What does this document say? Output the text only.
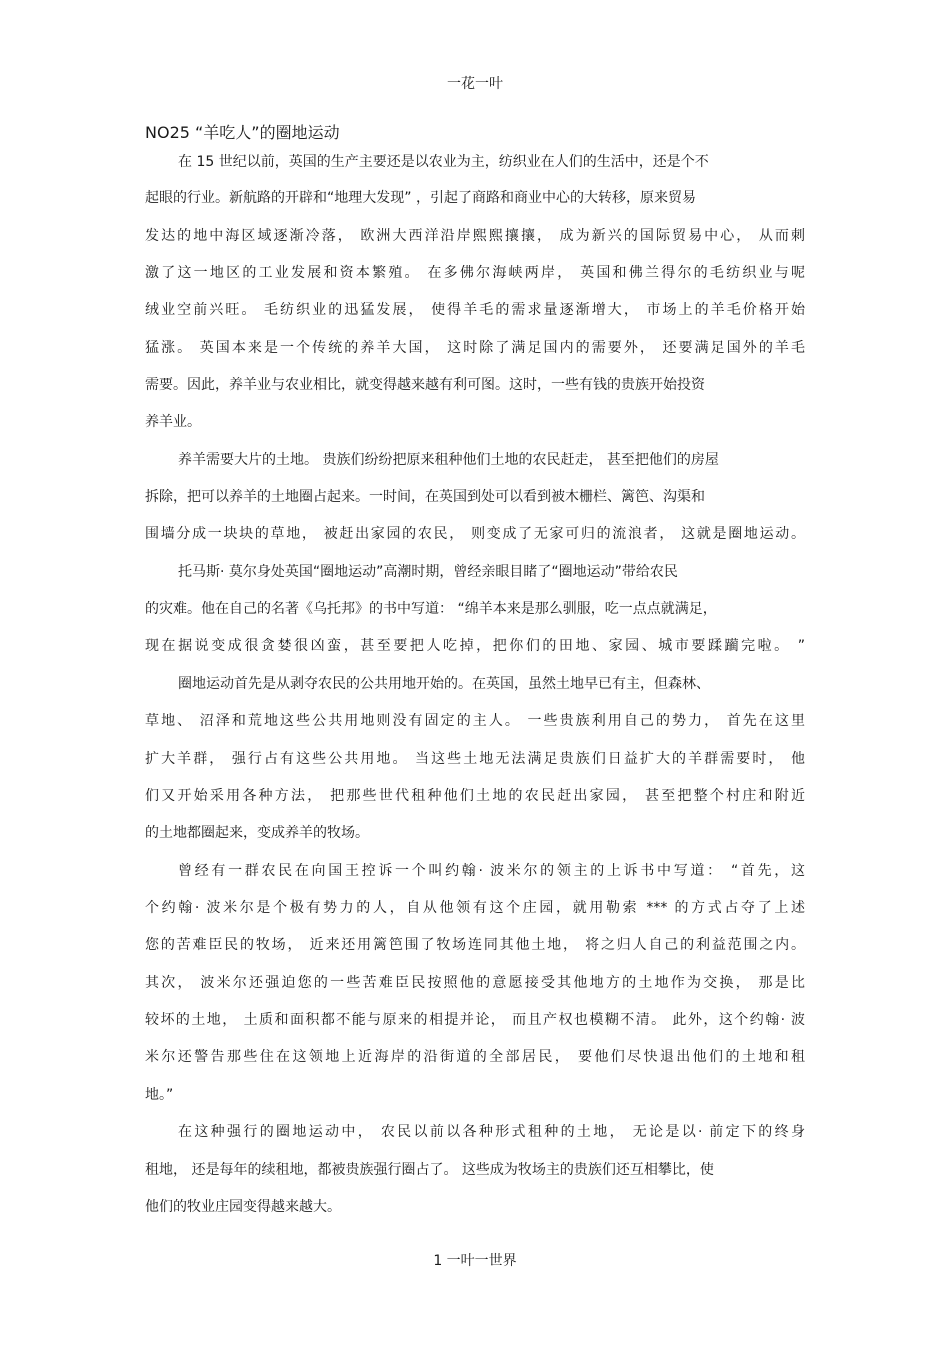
一花一叶
NO25 “羊吃人”的圈地运动
在 15 世纪以前，英国的生产主要还是以农业为主，纺织业在人们的生活中，还是个不
起眼的行业。新航路的开辟和“地理大发现” ，引起了商路和商业中心的大转移，原来贸易
发达的地中海区域逐渐冷落， 欧洲大西洋沿岸熙熙攘攘， 成为新兴的国际贸易中心， 从而刺
激了这一地区的工业发展和资本繁殖。 在多佛尔海峡两岸， 英国和佛兰得尔的毛纺织业与呢
绒业空前兴旺。 毛纺织业的迅猛发展， 使得羊毛的需求量逐渐增大， 市场上的羊毛价格开始
猛涨。 英国本来是一个传统的养羊大国， 这时除了满足国内的需要外， 还要满足国外的羊毛
需要。因此，养羊业与农业相比，就变得越来越有利可图。这时，一些有钱的贵族开始投资
养羊业。
养羊需要大片的土地。 贵族们纷纷把原来租种他们土地的农民赶走， 甚至把他们的房屋
拆除，把可以养羊的土地圈占起来。一时间，在英国到处可以看到被木栅栏、篱笆、沟渠和
围墙分成一块块的草地， 被赶出家园的农民， 则变成了无家可归的流浪者， 这就是圈地运动。
托马斯· 莫尔身处英国“圈地运动”高潮时期，曾经亲眼目睹了“圈地运动”带给农民
的灾难。他在自己的名著《乌托邦》的书中写道： “绵羊本来是那么驯服，吃一点点就满足，
现在据说变成很贪婪很凶蛮，甚至要把人吃掉，把你们的田地、家园、城市要蹂躏完啦。 ”
圈地运动首先是从剥夺农民的公共用地开始的。在英国，虽然土地早已有主，但森林、
草地、 沼泽和荒地这些公共用地则没有固定的主人。 一些贵族利用自己的势力， 首先在这里
扩大羊群， 强行占有这些公共用地。 当这些土地无法满足贵族们日益扩大的羊群需要时， 他
们又开始采用各种方法， 把那些世代租种他们土地的农民赶出家园， 甚至把整个村庄和附近
的土地都圈起来，变成养羊的牧场。
曾经有一群农民在向国王控诉一个叫约翰· 波米尔的领主的上诉书中写道： “首先，这
个约翰· 波米尔是个极有势力的人，自从他领有这个庄园，就用勒索 *** 的方式占夺了上述
您的苦难臣民的牧场， 近来还用篱笆围了牧场连同其他土地， 将之归人自己的利益范围之内。
其次， 波米尔还强迫您的一些苦难臣民按照他的意愿接受其他地方的土地作为交换， 那是比
较坏的土地， 土质和面积都不能与原来的相提并论， 而且产权也模糊不清。 此外，这个约翰· 波
米尔还警告那些住在这领地上近海岸的沿街道的全部居民， 要他们尽快退出他们的土地和租
地。”
在这种强行的圈地运动中， 农民以前以各种形式租种的土地， 无论是以· 前定下的终身
租地， 还是每年的续租地，都被贵族强行圈占了。 这些成为牧场主的贵族们还互相攀比，使
他们的牧业庄园变得越来越大。
1 一叶一世界
